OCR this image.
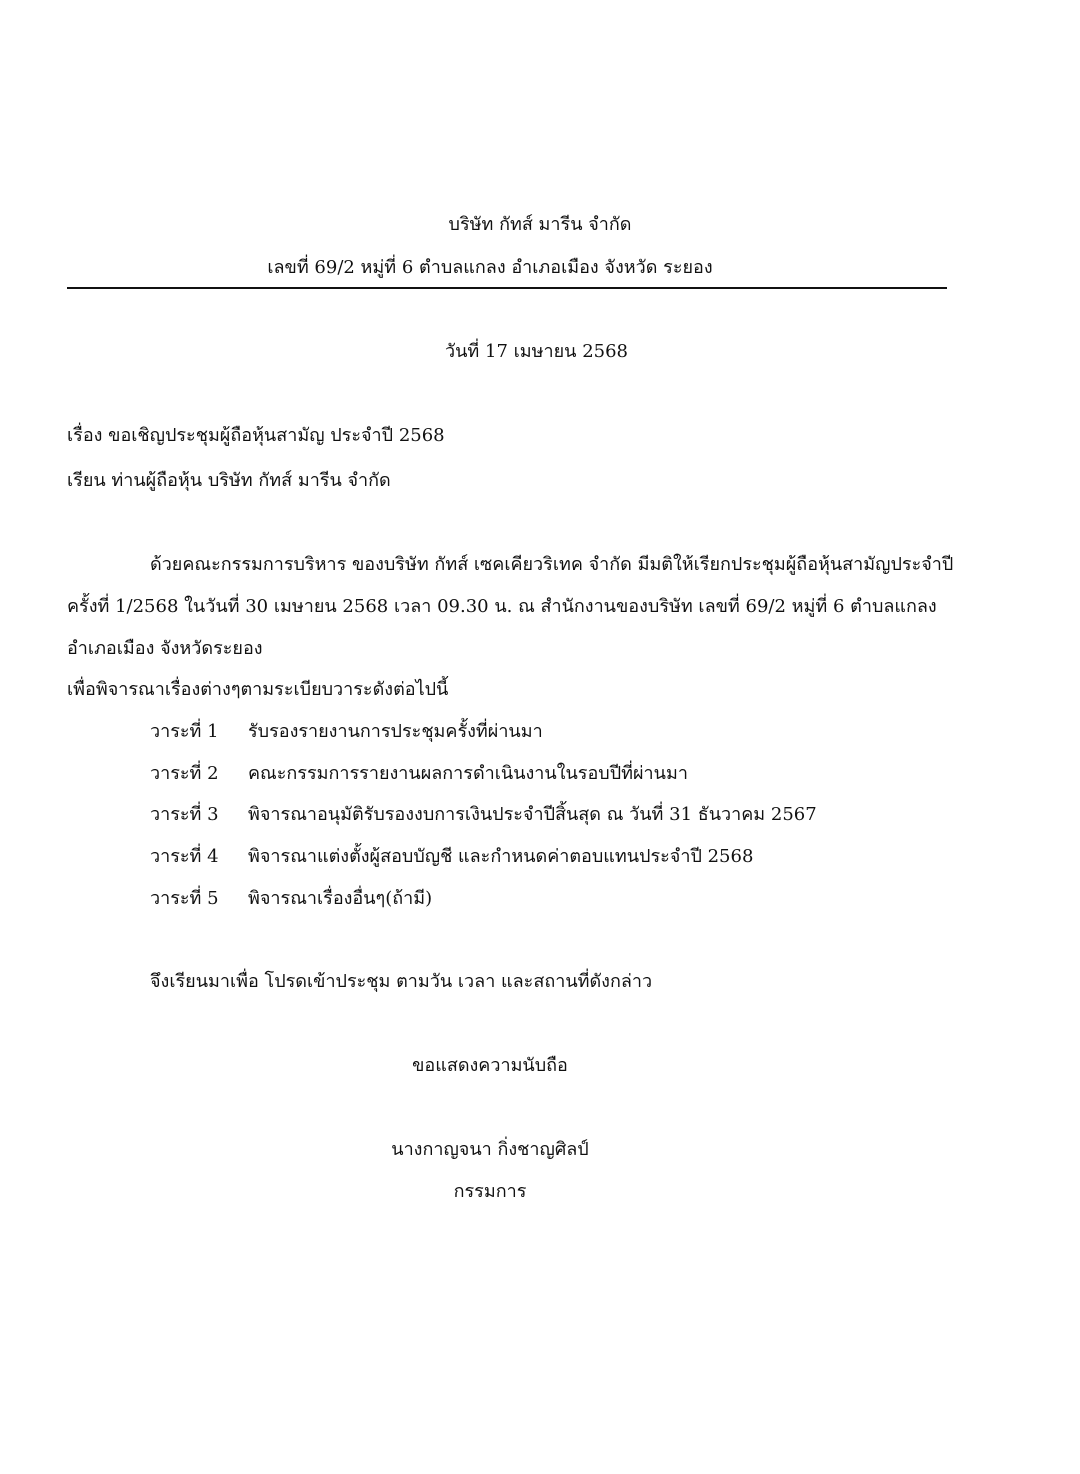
บริษัท กัทส์ มารีน จำกัด
เลขที่ 69/2 หมู่ที่ 6 ตำบลแกลง อำเภอเมือง จังหวัด ระยอง
วันที่ 17 เมษายน 2568
เรื่อง ขอเชิญประชุมผู้ถือหุ้นสามัญ ประจำปี 2568
เรียน ท่านผู้ถือหุ้น บริษัท กัทส์ มารีน จำกัด
ด้วยคณะกรรมการบริหาร ของบริษัท กัทส์ เซคเคียวริเทค จำกัด มีมติให้เรียกประชุมผู้ถือหุ้นสามัญประจำปี
ครั้งที่ 1/2568 ในวันที่ 30 เมษายน 2568 เวลา 09.30 น. ณ สำนักงานของบริษัท เลขที่ 69/2 หมู่ที่ 6 ตำบลแกลง
อำเภอเมือง จังหวัดระยอง
เพื่อพิจารณาเรื่องต่างๆตามระเบียบวาระดังต่อไปนี้
วาระที่ 1 รับรองรายงานการประชุมครั้งที่ผ่านมา
วาระที่ 2 คณะกรรมการรายงานผลการดำเนินงานในรอบปีที่ผ่านมา
วาระที่ 3 พิจารณาอนุมัติรับรองงบการเงินประจำปีสิ้นสุด ณ วันที่ 31 ธันวาคม 2567
วาระที่ 4 พิจารณาแต่งตั้งผู้สอบบัญชี และกำหนดค่าตอบแทนประจำปี 2568
วาระที่ 5 พิจารณาเรื่องอื่นๆ(ถ้ามี)
จึงเรียนมาเพื่อ โปรดเข้าประชุม ตามวัน เวลา และสถานที่ดังกล่าว
ขอแสดงความนับถือ
นางกาญจนา กิ่งชาญศิลป์
กรรมการ
